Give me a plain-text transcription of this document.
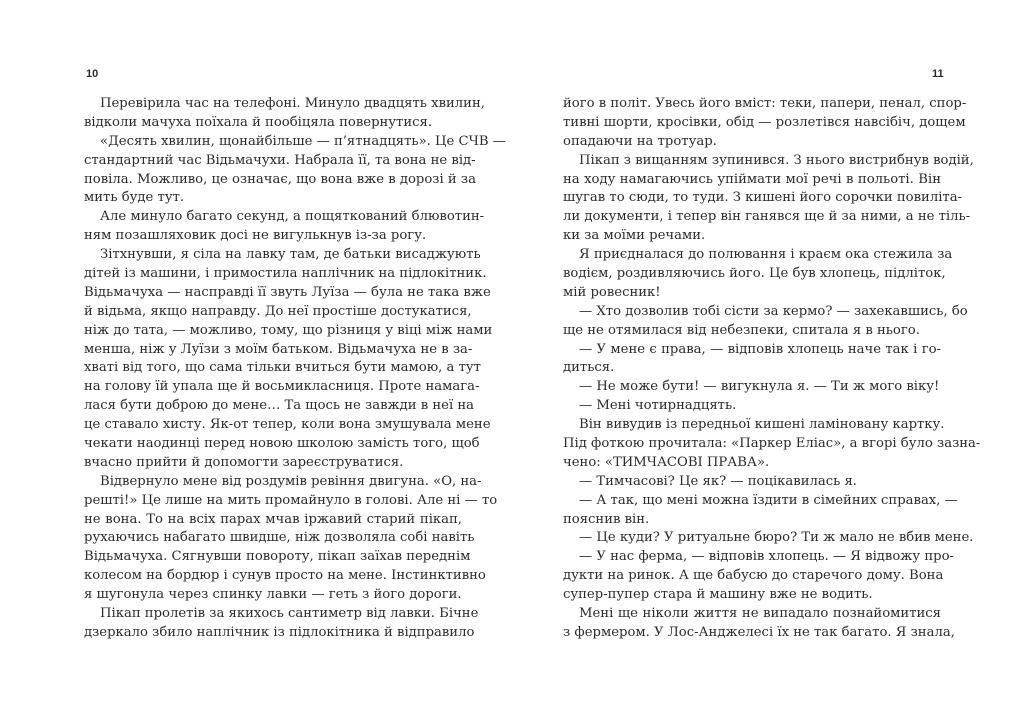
10	11
Перевірила час на телефоні. Минуло двадцять хвилин,
відколи мачуха поїхала й пообіцяла повернутися.
«Десять хвилин, щонайбільше — п’ятнадцять». Це СЧВ —
стандартний час Відьмачухи. Набрала її, та вона не від-
повіла. Можливо, це означає, що вона вже в дорозі й за
мить буде тут.
Але минуло багато секунд, а пощяткований блювотин-
ням позашляховик досі не вигулькнув із-за рогу.
Зітхнувши, я сіла на лавку там, де батьки висаджують
дітей із машини, і примостила наплічник на підлокітник.
Відьмачуха — насправді її звуть Луїза — була не така вже
й відьма, якщо направду. До неї простіше достукатися,
ніж до тата, — можливо, тому, що різниця у віці між нами
менша, ніж у Луїзи з моїм батьком. Відьмачуха не в за-
хваті від того, що сама тільки вчиться бути мамою, а тут
на голову їй упала ще й восьмикласниця. Проте намага-
лася бути доброю до мене… Та щось не завжди в неї на
це ставало хисту. Як-от тепер, коли вона змушувала мене
чекати наодинці перед новою школою замість того, щоб
вчасно прийти й допомогти зареєструватися.
Відвернуло мене від роздумів ревіння двигуна. «О, на-
решті!» Це лише на мить промайнуло в голові. Але ні — то
не вона. То на всіх парах мчав іржавий старий пікап,
рухаючись набагато швидше, ніж дозволяла собі навіть
Відьмачуха. Сягнувши повороту, пікап заїхав переднім
колесом на бордюр і сунув просто на мене. Інстинктивно
я шугонула через спинку лавки — геть з його дороги.
Пікап пролетів за якихось сантиметр від лавки. Бічне
дзеркало збило наплічник із підлокітника й відправило
його в політ. Увесь його вміст: теки, папери, пенал, спор-
тивні шорти, кросівки, обід — розлетівся навсібіч, дощем
опадаючи на тротуар.
Пікап з вищанням зупинився. З нього вистрибнув водій,
на ходу намагаючись упіймати мої речі в польоті. Він
шугав то сюди, то туди. З кишені його сорочки повиліта-
ли документи, і тепер він ганявся ще й за ними, а не тіль-
ки за моїми речами.
Я приєдналася до полювання і краєм ока стежила за
водієм, роздивляючись його. Це був хлопець, підліток,
мій ровесник!
— Хто дозволив тобі сісти за кермо? — захекавшись, бо
ще не отямилася від небезпеки, спитала я в нього.
— У мене є права, — відповів хлопець наче так і го-
диться.
— Не може бути! — вигукнула я. — Ти ж мого віку!
— Мені чотирнадцять.
Він вивудив із передньої кишені ламіновану картку.
Під фоткою прочитала: «Паркер Еліас», а вгорі було зазна-
чено: «ТИМЧАСОВІ ПРАВА».
— Тимчасові? Це як? — поцікавилась я.
— А так, що мені можна їздити в сімейних справах, —
пояснив він.
— Це куди? У ритуальне бюро? Ти ж мало не вбив мене.
— У нас ферма, — відповів хлопець. — Я відвожу про-
дукти на ринок. А ще бабусю до старечого дому. Вона
супер-пупер стара й машину вже не водить.
Мені ще ніколи життя не випадало познайомитися
з фермером. У Лос-Анджелесі їх не так багато. Я знала,
